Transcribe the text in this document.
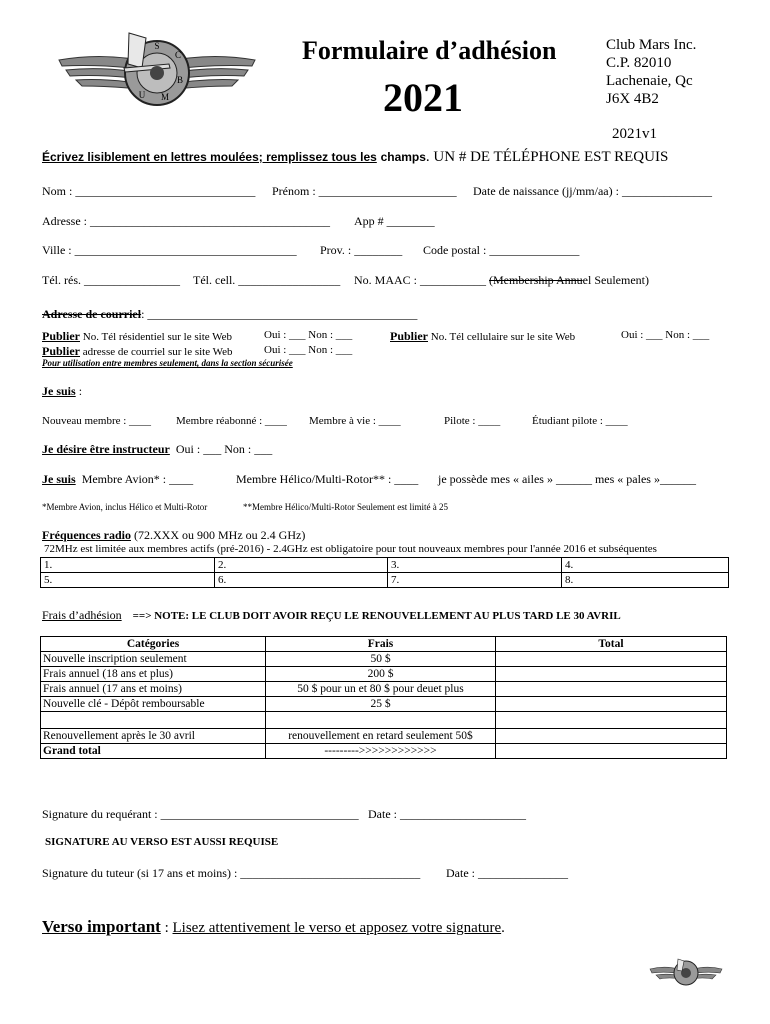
S
C
B
M
U
Formulaire d’adhésion
2021
Club Mars Inc.
C.P. 82010
Lachenaie, Qc
J6X 4B2
2021v1
Écrivez lisiblement en lettres moulées; remplissez tous les champs. UN # DE TÉLÉPHONE EST REQUIS
Nom : ______________________________ Prénom : _______________________ Date de naissance (jj/mm/aa) : _______________
Adresse : ________________________________________ App # ________
Ville : _____________________________________ Prov. : ________ Code postal : _______________
Tél. rés. ________________ Tél. cell. _________________ No. MAAC : ___________ (Membership Annuel Seulement)
Adresse de courriel: _____________________________________________
Publier No. Tél résidentiel sur le site Web	Oui : ___ Non : ___	Publier No. Tél cellulaire sur le site Web	Oui : ___ Non : ___
Publier adresse de courriel sur le site Web	Oui : ___ Non : ___
Pour utilisation entre membres seulement, dans la section sécurisée
Je suis :
Nouveau membre : ____ Membre réabonné : ____ Membre à vie : ____	Pilote : ____	Étudiant pilote : ____
Je désire être instructeur Oui : ___ Non : ___
Je suis Membre Avion* : ____	Membre Hélico/Multi-Rotor** : ____ je possède mes « ailes » ______ mes « pales »______
*Membre Avion, inclus Hélico et Multi-Rotor	**Membre Hélico/Multi-Rotor Seulement est limité à 25
Fréquences radio (72.XXX ou 900 MHz ou 2.4 GHz)
72MHz est limitée aux membres actifs (pré-2016) - 2.4GHz est obligatoire pour tout nouveaux membres pour l'année 2016 et subséquentes
1.	2.	3.	4.
5.	6.	7.	8.
Frais d’adhésion ==> NOTE: LE CLUB DOIT AVOIR REÇU LE RENOUVELLEMENT AU PLUS TARD LE 30 AVRIL
Catégories	Frais	Total
Nouvelle inscription seulement	50 $	
Frais annuel (18 ans et plus)	200 $	
Frais annuel (17 ans et moins)	50 $ pour un et 80 $ pour deuet plus	
Nouvelle clé - Dépôt remboursable	25 $	

Renouvellement après le 30 avril	renouvellement en retard seulement 50$	
Grand total	--------->>>>>>>>>>>>	
Signature du requérant : _________________________________ Date : _____________________
SIGNATURE AU VERSO EST AUSSI REQUISE
Signature du tuteur (si 17 ans et moins) : ______________________________ Date : _______________
Verso important : Lisez attentivement le verso et apposez votre signature.
